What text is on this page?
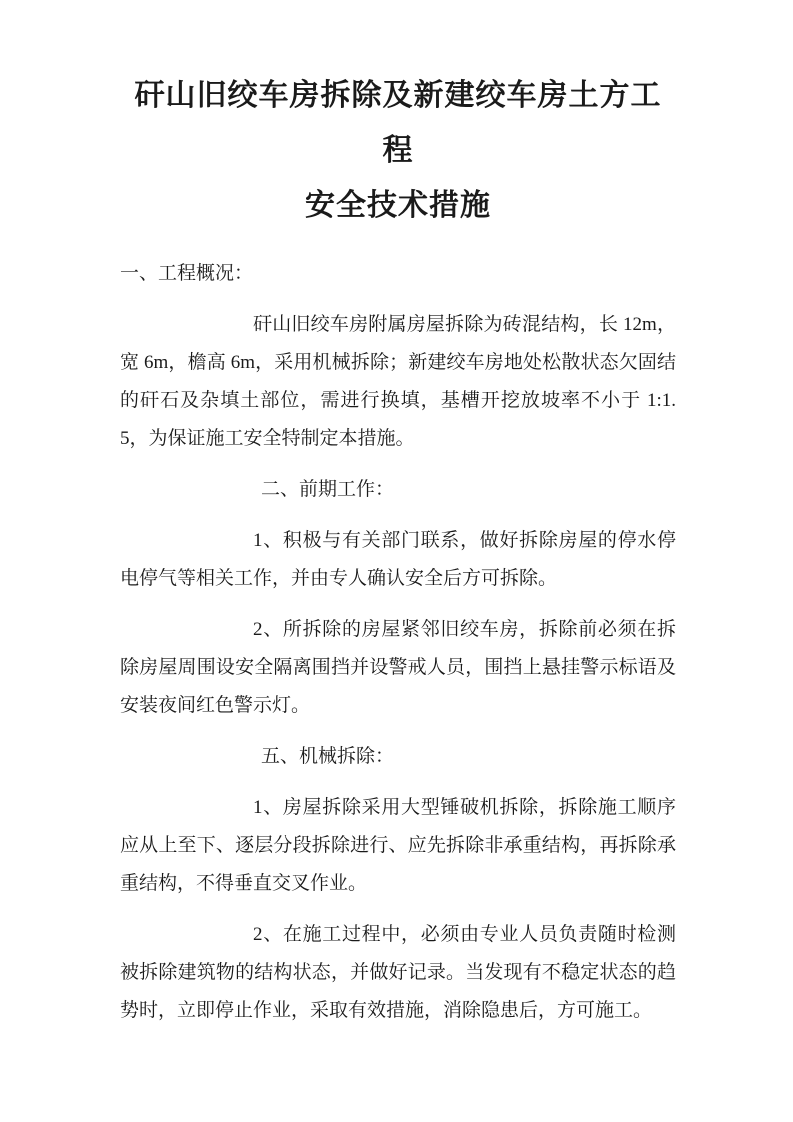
矸山旧绞车房拆除及新建绞车房土方工程
安全技术措施

一、工程概况：

矸山旧绞车房附属房屋拆除为砖混结构，长 12m，宽 6m，檐高 6m，采用机械拆除；新建绞车房地处松散状态欠固结的矸石及杂填土部位，需进行换填，基槽开挖放坡率不小于 1:1.5，为保证施工安全特制定本措施。

二、前期工作：

1、积极与有关部门联系，做好拆除房屋的停水停电停气等相关工作，并由专人确认安全后方可拆除。

2、所拆除的房屋紧邻旧绞车房，拆除前必须在拆除房屋周围设安全隔离围挡并设警戒人员，围挡上悬挂警示标语及安装夜间红色警示灯。

五、机械拆除：

1、房屋拆除采用大型锤破机拆除，拆除施工顺序应从上至下、逐层分段拆除进行、应先拆除非承重结构，再拆除承重结构，不得垂直交叉作业。

2、在施工过程中，必须由专业人员负责随时检测被拆除建筑物的结构状态，并做好记录。当发现有不稳定状态的趋势时，立即停止作业，采取有效措施，消除隐患后，方可施工。
